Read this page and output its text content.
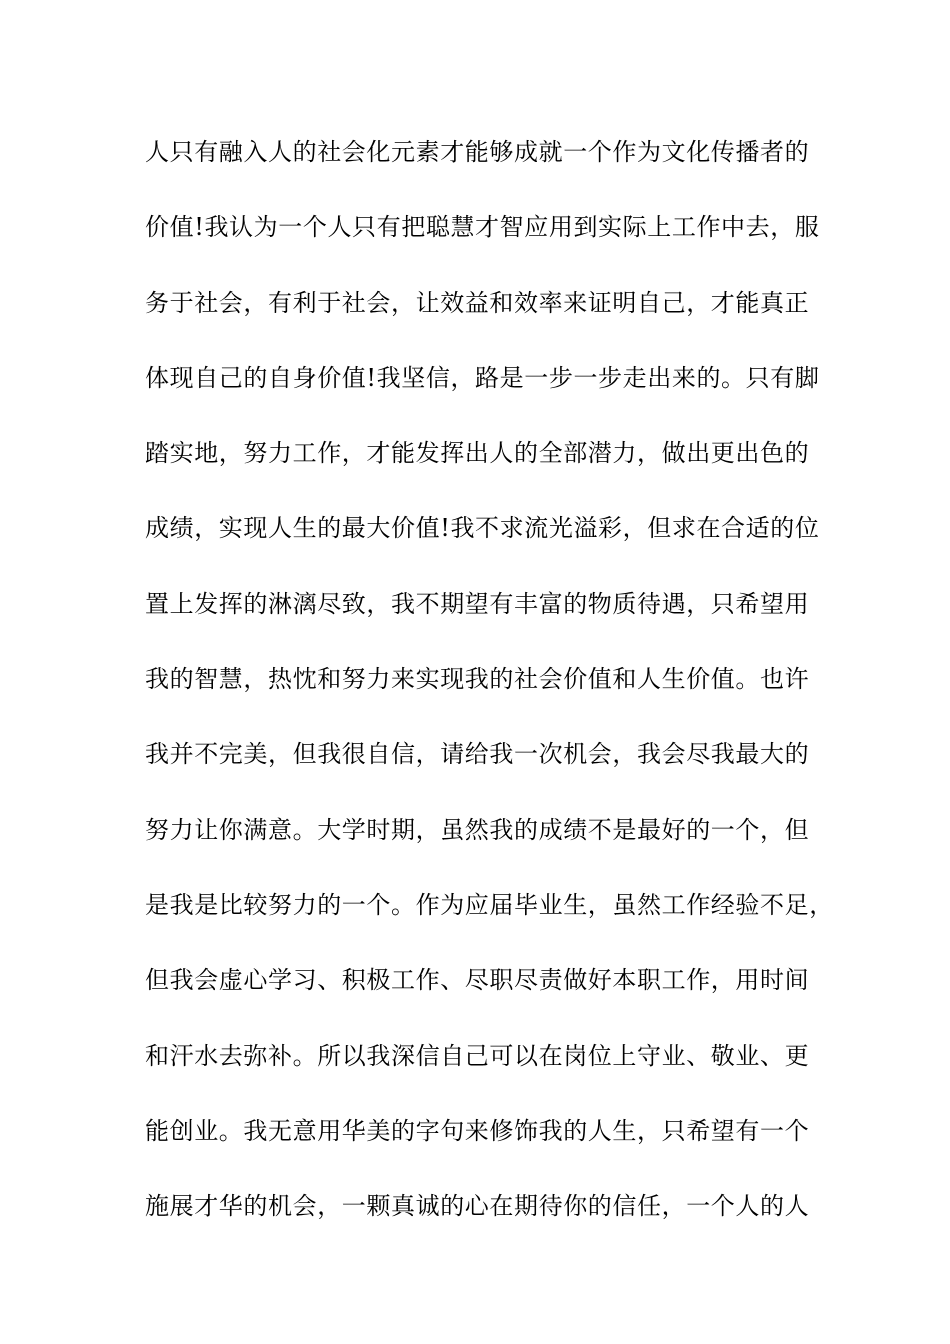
人只有融入人的社会化元素才能够成就一个作为文化传播者的
价值!我认为一个人只有把聪慧才智应用到实际上工作中去，服
务于社会，有利于社会，让效益和效率来证明自己，才能真正
体现自己的自身价值!我坚信，路是一步一步走出来的。只有脚
踏实地，努力工作，才能发挥出人的全部潜力，做出更出色的
成绩，实现人生的最大价值!我不求流光溢彩，但求在合适的位
置上发挥的淋漓尽致，我不期望有丰富的物质待遇，只希望用
我的智慧，热忱和努力来实现我的社会价值和人生价值。也许
我并不完美，但我很自信，请给我一次机会，我会尽我最大的
努力让你满意。大学时期，虽然我的成绩不是最好的一个，但
是我是比较努力的一个。作为应届毕业生，虽然工作经验不足，
但我会虚心学习、积极工作、尽职尽责做好本职工作，用时间
和汗水去弥补。所以我深信自己可以在岗位上守业、敬业、更
能创业。我无意用华美的字句来修饰我的人生，只希望有一个
施展才华的机会，一颗真诚的心在期待你的信任，一个人的人
